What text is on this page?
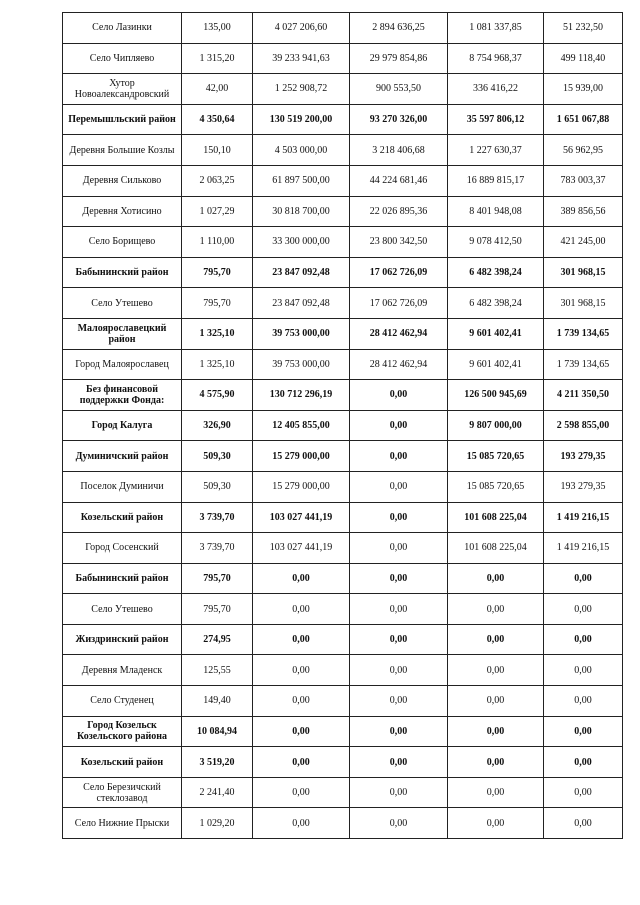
Село Лазинки	135,00	4 027 206,60	2 894 636,25	1 081 337,85	51 232,50
Село Чипляево	1 315,20	39 233 941,63	29 979 854,86	8 754 968,37	499 118,40
Хутор Новоалександровский	42,00	1 252 908,72	900 553,50	336 416,22	15 939,00
Перемышльский район	4 350,64	130 519 200,00	93 270 326,00	35 597 806,12	1 651 067,88
Деревня Большие Козлы	150,10	4 503 000,00	3 218 406,68	1 227 630,37	56 962,95
Деревня Сильково	2 063,25	61 897 500,00	44 224 681,46	16 889 815,17	783 003,37
Деревня Хотисино	1 027,29	30 818 700,00	22 026 895,36	8 401 948,08	389 856,56
Село Борищево	1 110,00	33 300 000,00	23 800 342,50	9 078 412,50	421 245,00
Бабынинский район	795,70	23 847 092,48	17 062 726,09	6 482 398,24	301 968,15
Село Утешево	795,70	23 847 092,48	17 062 726,09	6 482 398,24	301 968,15
Малоярославецкий район	1 325,10	39 753 000,00	28 412 462,94	9 601 402,41	1 739 134,65
Город Малоярославец	1 325,10	39 753 000,00	28 412 462,94	9 601 402,41	1 739 134,65
Без финансовой поддержки Фонда:	4 575,90	130 712 296,19	0,00	126 500 945,69	4 211 350,50
Город Калуга	326,90	12 405 855,00	0,00	9 807 000,00	2 598 855,00
Думиничский район	509,30	15 279 000,00	0,00	15 085 720,65	193 279,35
Поселок Думиничи	509,30	15 279 000,00	0,00	15 085 720,65	193 279,35
Козельский район	3 739,70	103 027 441,19	0,00	101 608 225,04	1 419 216,15
Город Сосенский	3 739,70	103 027 441,19	0,00	101 608 225,04	1 419 216,15
Бабынинский район	795,70	0,00	0,00	0,00	0,00
Село Утешево	795,70	0,00	0,00	0,00	0,00
Жиздринский район	274,95	0,00	0,00	0,00	0,00
Деревня Младенск	125,55	0,00	0,00	0,00	0,00
Село Студенец	149,40	0,00	0,00	0,00	0,00
Город Козельск Козельского района	10 084,94	0,00	0,00	0,00	0,00
Козельский район	3 519,20	0,00	0,00	0,00	0,00
Село Березичский стеклозавод	2 241,40	0,00	0,00	0,00	0,00
Село Нижние Прыски	1 029,20	0,00	0,00	0,00	0,00
